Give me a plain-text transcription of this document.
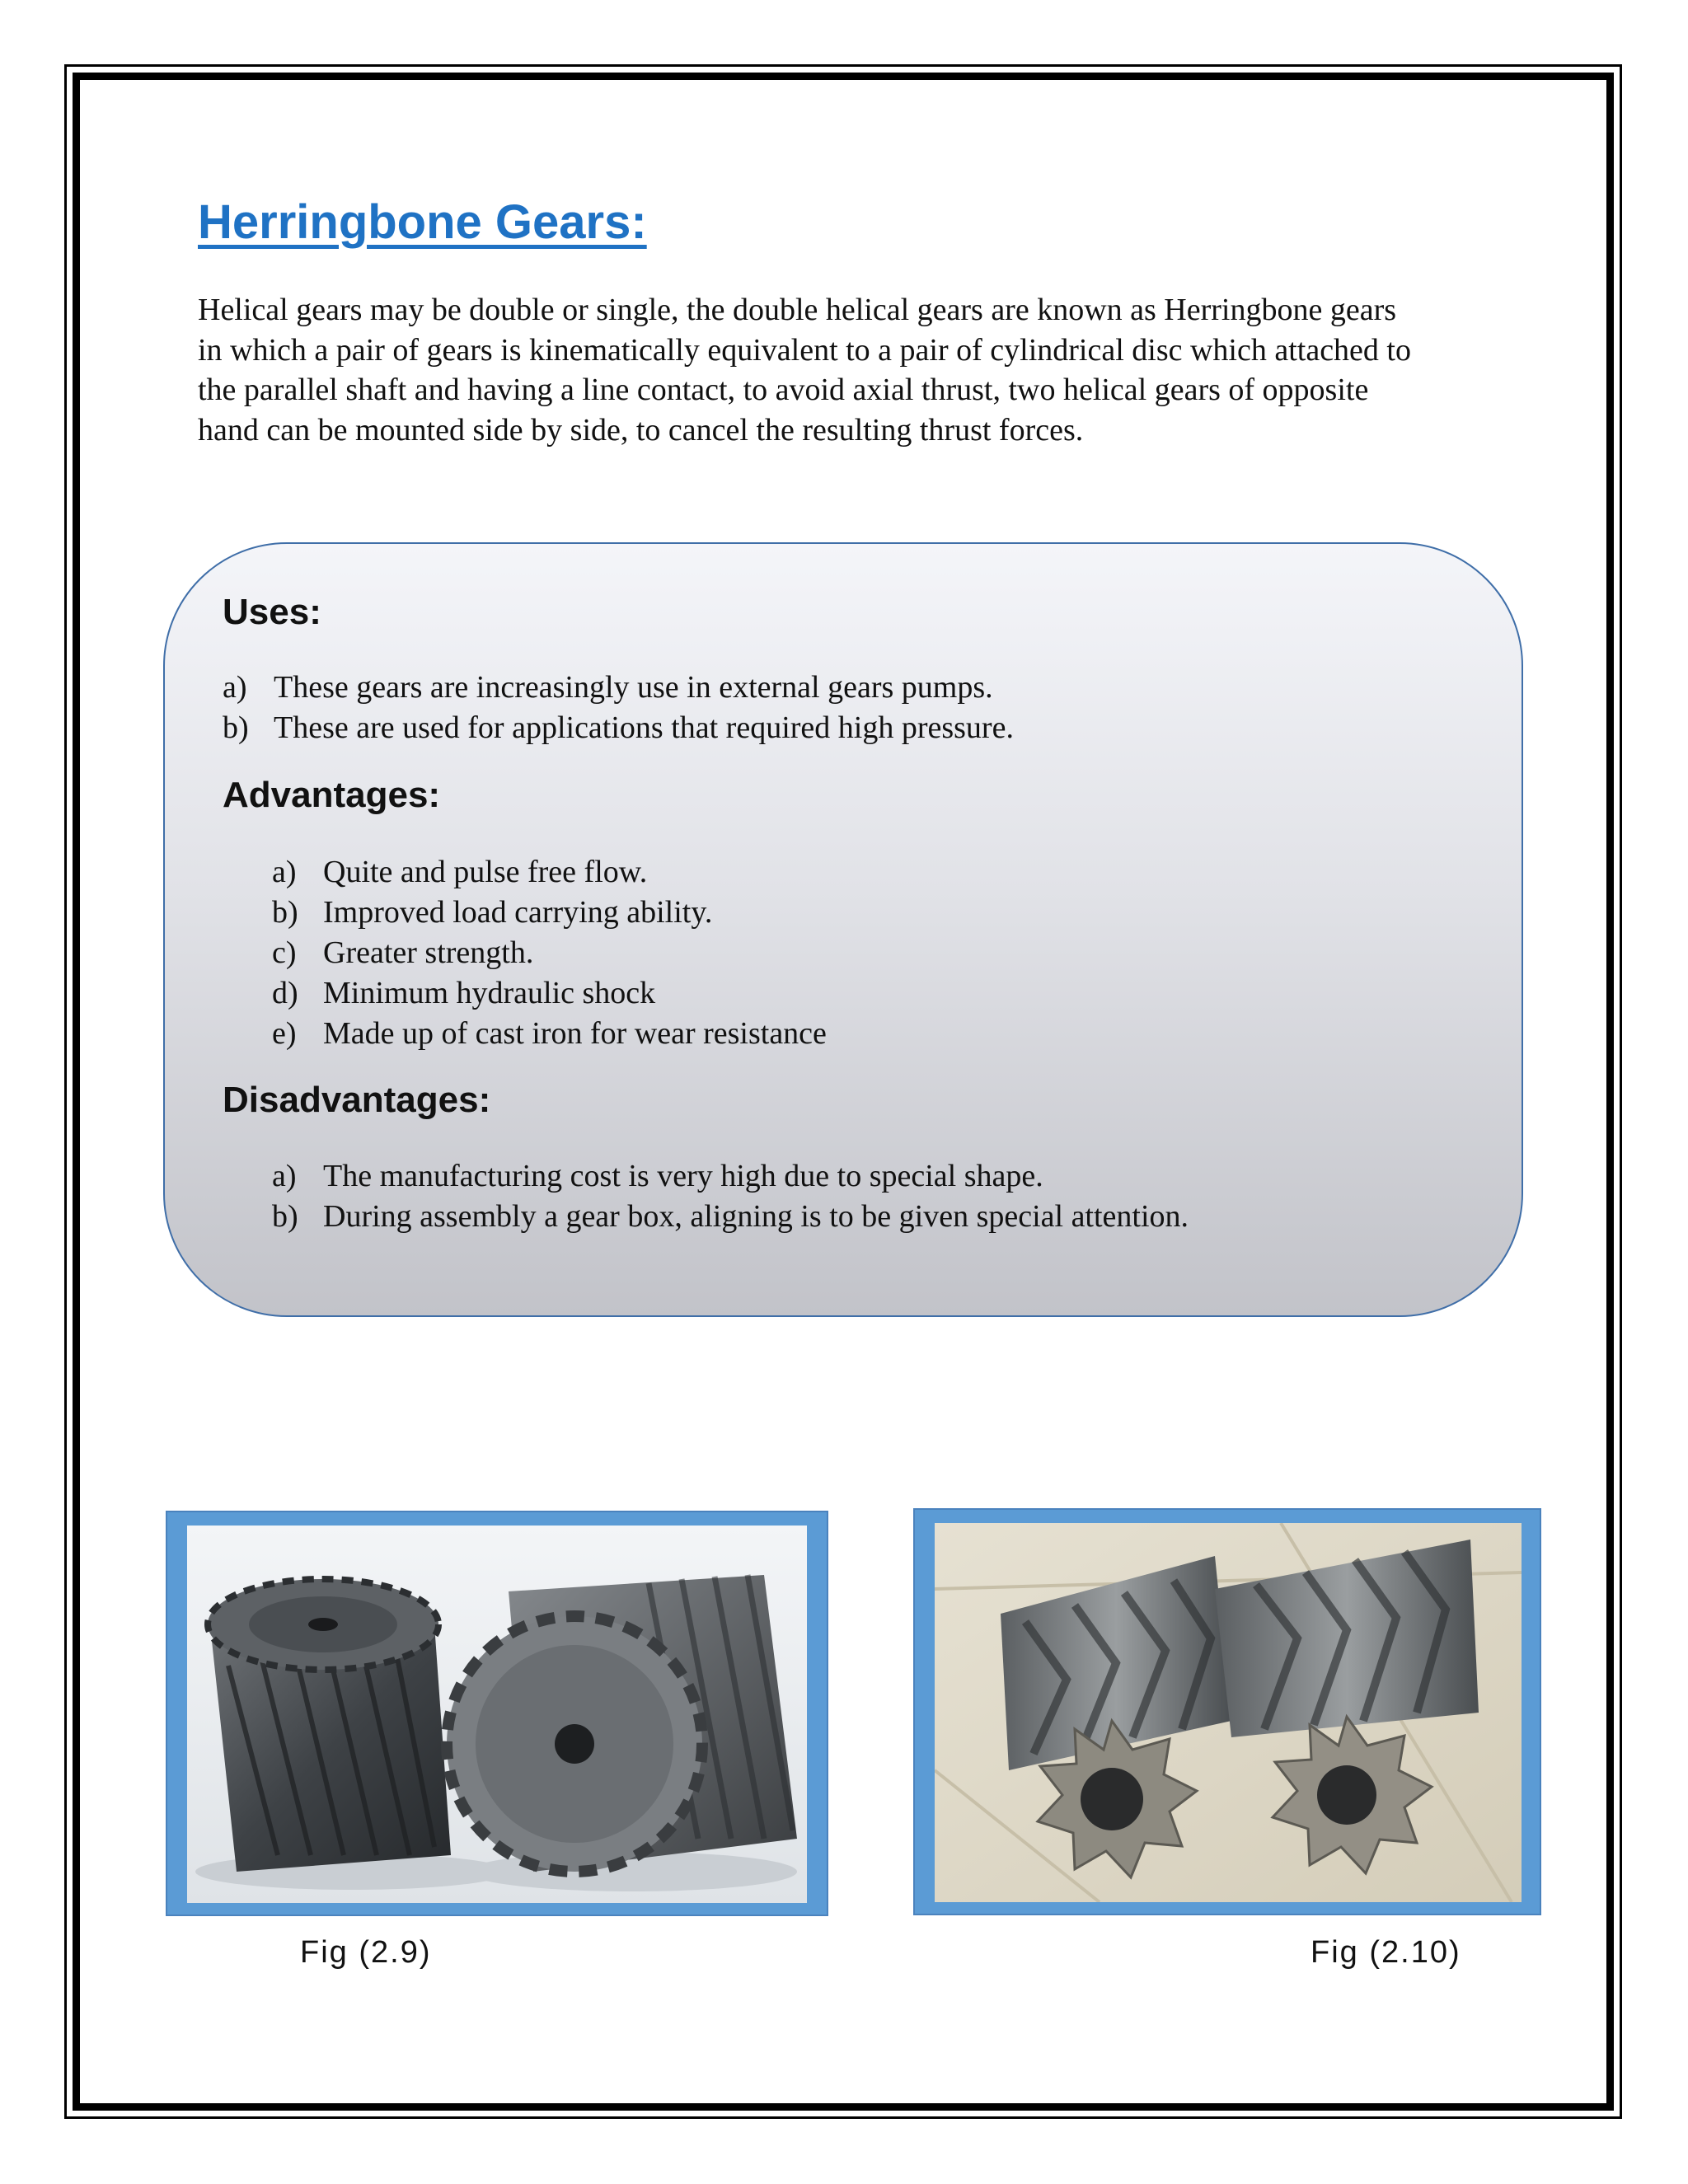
Herringbone Gears:
Helical gears may be double or single, the double helical gears are known as Herringbone gears
in which a pair of gears is kinematically equivalent to a pair of cylindrical disc which attached to
the parallel shaft and having a line contact, to avoid axial thrust, two helical gears of opposite
hand can be mounted side by side, to cancel the resulting thrust forces.
Uses:
a) These gears are increasingly use in external gears pumps.
b) These are used for applications that required high pressure.
Advantages:
a) Quite and pulse free flow.
b) Improved load carrying ability.
c) Greater strength.
d) Minimum hydraulic shock
e) Made up of cast iron for wear resistance
Disadvantages:
a) The manufacturing cost is very high due to special shape.
b) During assembly a gear box, aligning is to be given special attention.
Fig (2.9)	Fig (2.10)
